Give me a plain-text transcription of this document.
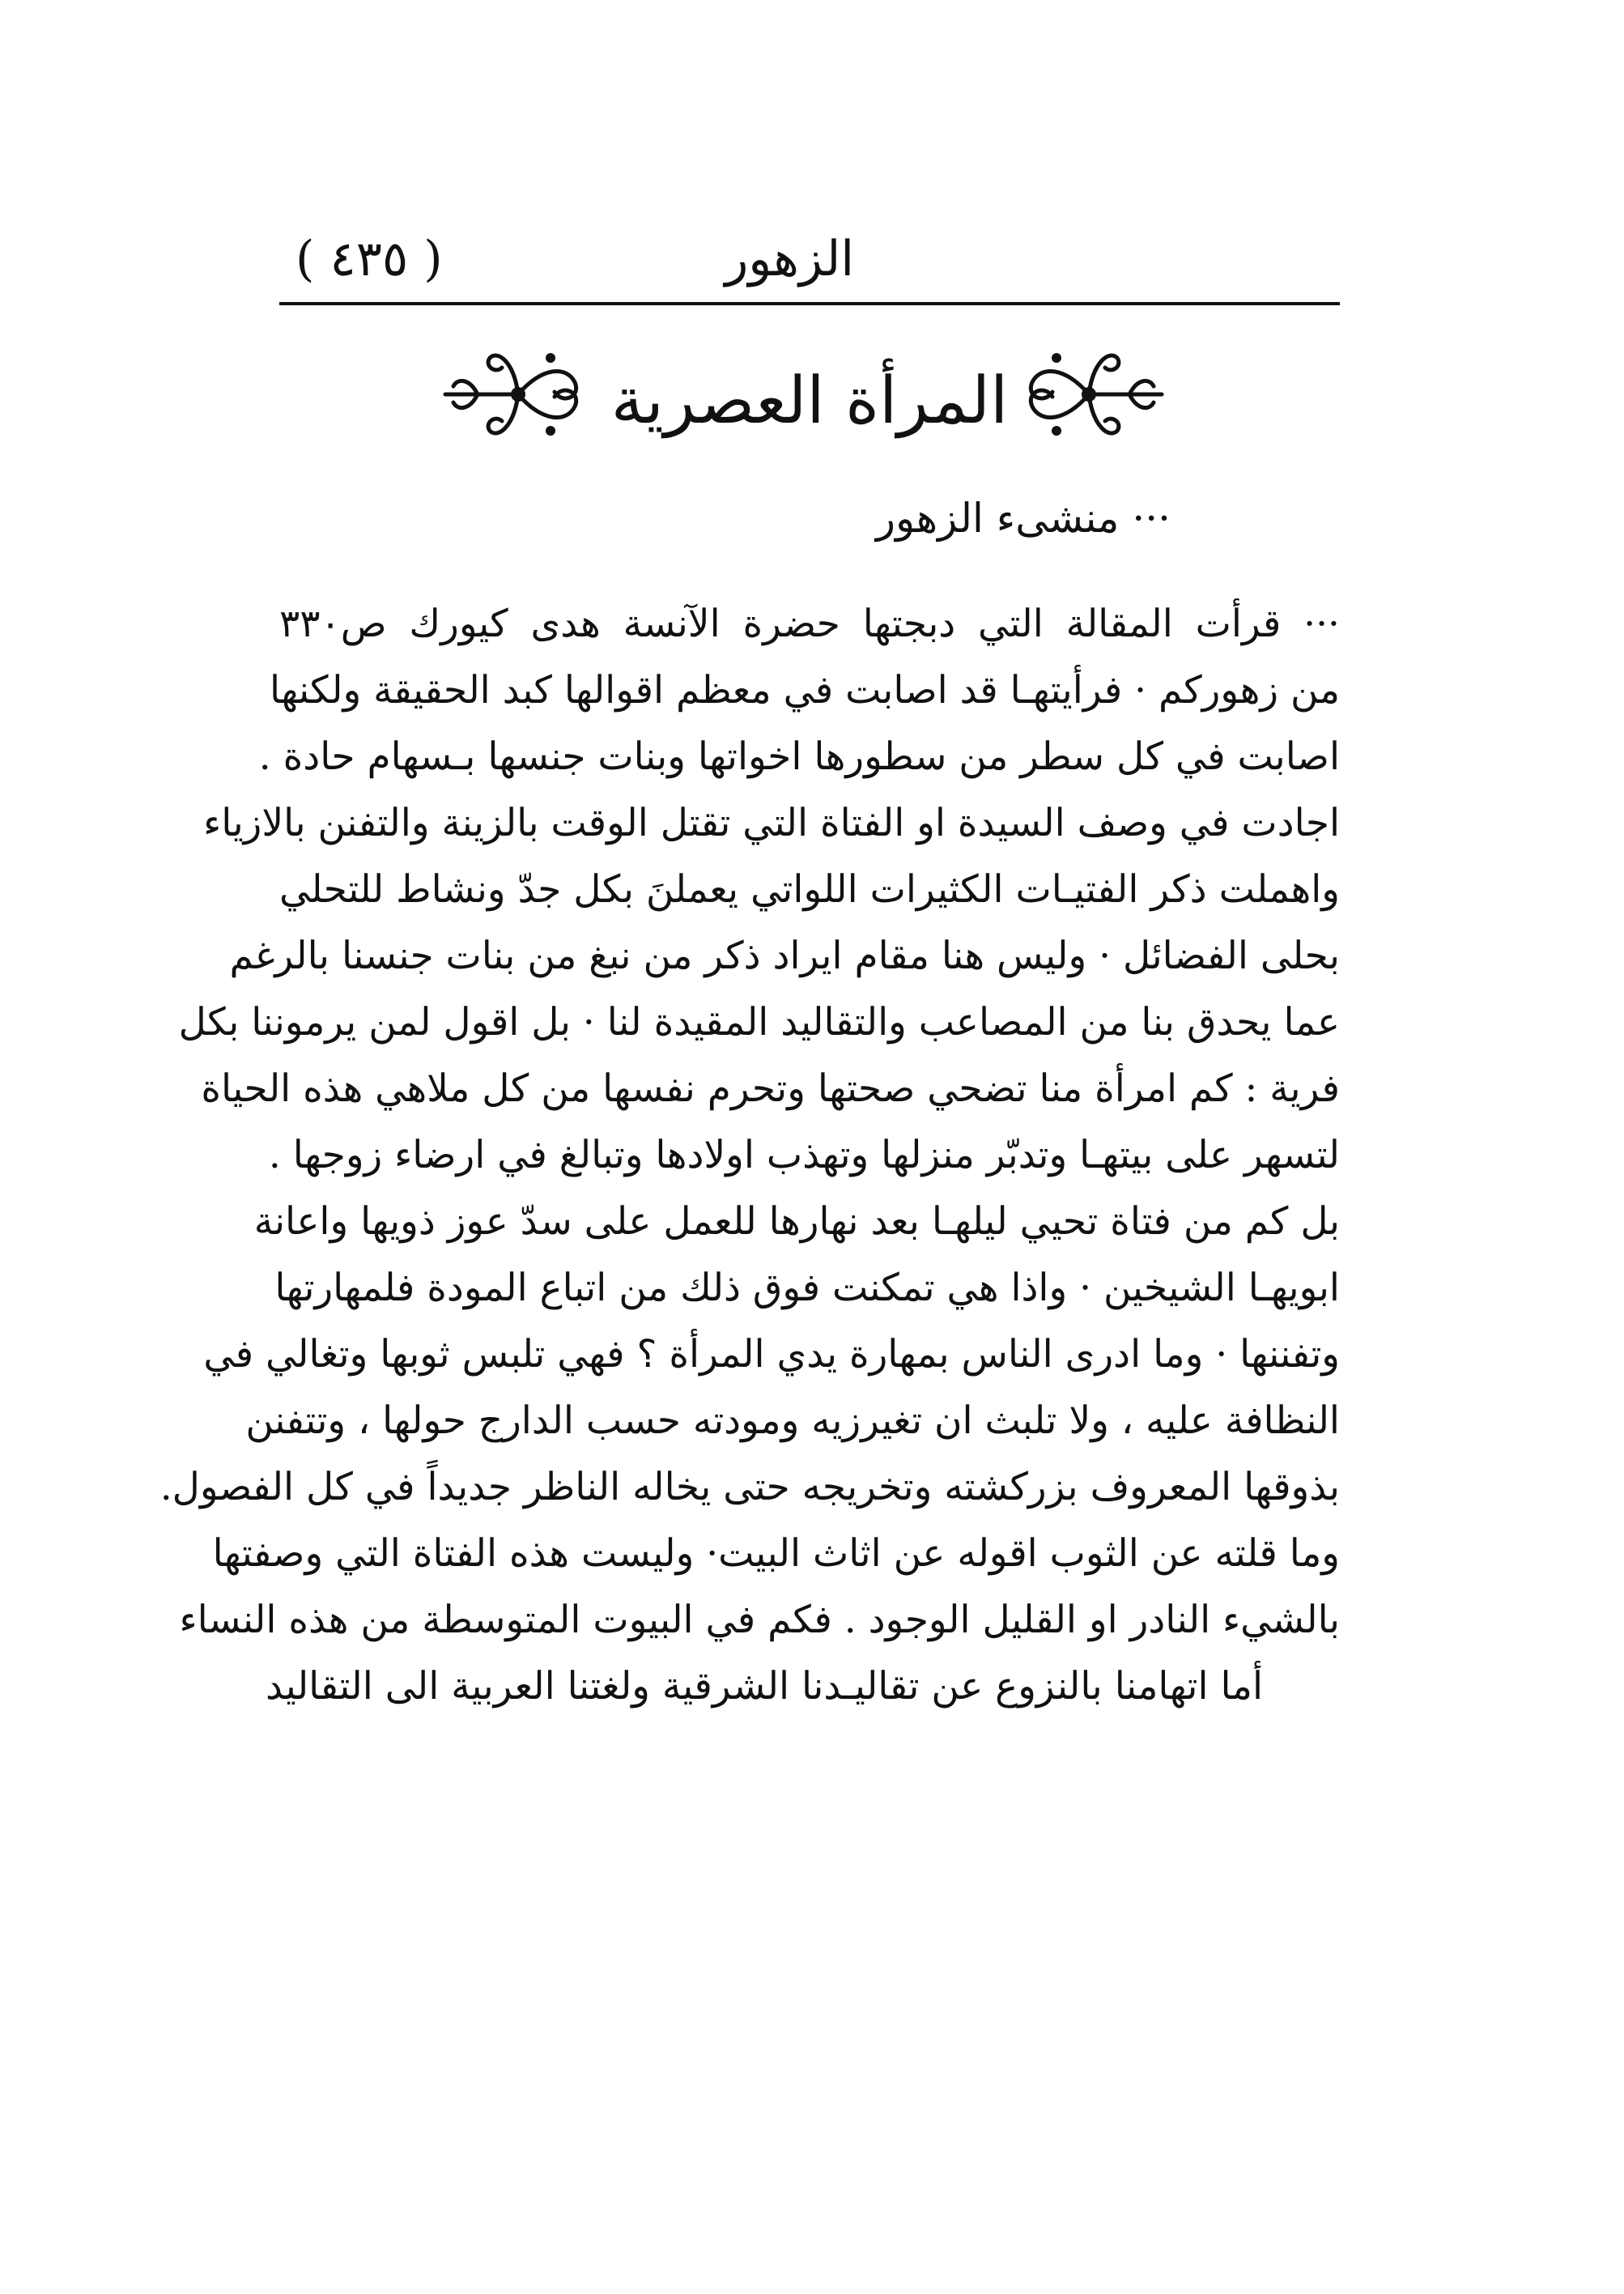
الزهور
( ٤٣٥ )
المرأة العصرية
··· منشىء الزهور
··· قرأت المقالة التي دبجتها حضرة الآنسة هدى كيورك ص٣٣٠
من زهوركم · فرأيتهـا قد اصابت في معظم اقوالها كبد الحقيقة ولكنها
اصابت في كل سطر من سطورها اخواتها وبنات جنسها بـسهام حادة .
اجادت في وصف السيدة او الفتاة التي تقتل الوقت بالزينة والتفنن بالازياء
واهملت ذكر الفتيـات الكثيرات اللواتي يعملنَ بكل جدّ ونشاط للتحلي
بحلى الفضائل · وليس هنا مقام ايراد ذكر من نبغ من بنات جنسنا بالرغم
عما يحدق بنا من المصاعب والتقاليد المقيدة لنا · بل اقول لمن يرموننا بكل
فرية : كم امرأة منا تضحي صحتها وتحرم نفسها من كل ملاهي هذه الحياة
لتسهر على بيتهـا وتدبّر منزلها وتهذب اولادها وتبالغ في ارضاء زوجها .
بل كم من فتاة تحيي ليلهـا بعد نهارها للعمل على سدّ عوز ذويها واعانة
ابويهـا الشيخين · واذا هي تمكنت فوق ذلك من اتباع المودة فلمهارتها
وتفننها · وما ادرى الناس بمهارة يدي المرأة ؟ فهي تلبس ثوبها وتغالي في
النظافة عليه ، ولا تلبث ان تغيرزيه ومودته حسب الدارج حولها ، وتتفنن
بذوقها المعروف بزركشته وتخريجه حتى يخاله الناظر جديداً في كل الفصول.
وما قلته عن الثوب اقوله عن اثاث البيت· وليست هذه الفتاة التي وصفتها
بالشيء النادر او القليل الوجود . فكم في البيوت المتوسطة من هذه النساء
أما اتهامنا بالنزوع عن تقاليـدنا الشرقية ولغتنا العربية الى التقاليد
